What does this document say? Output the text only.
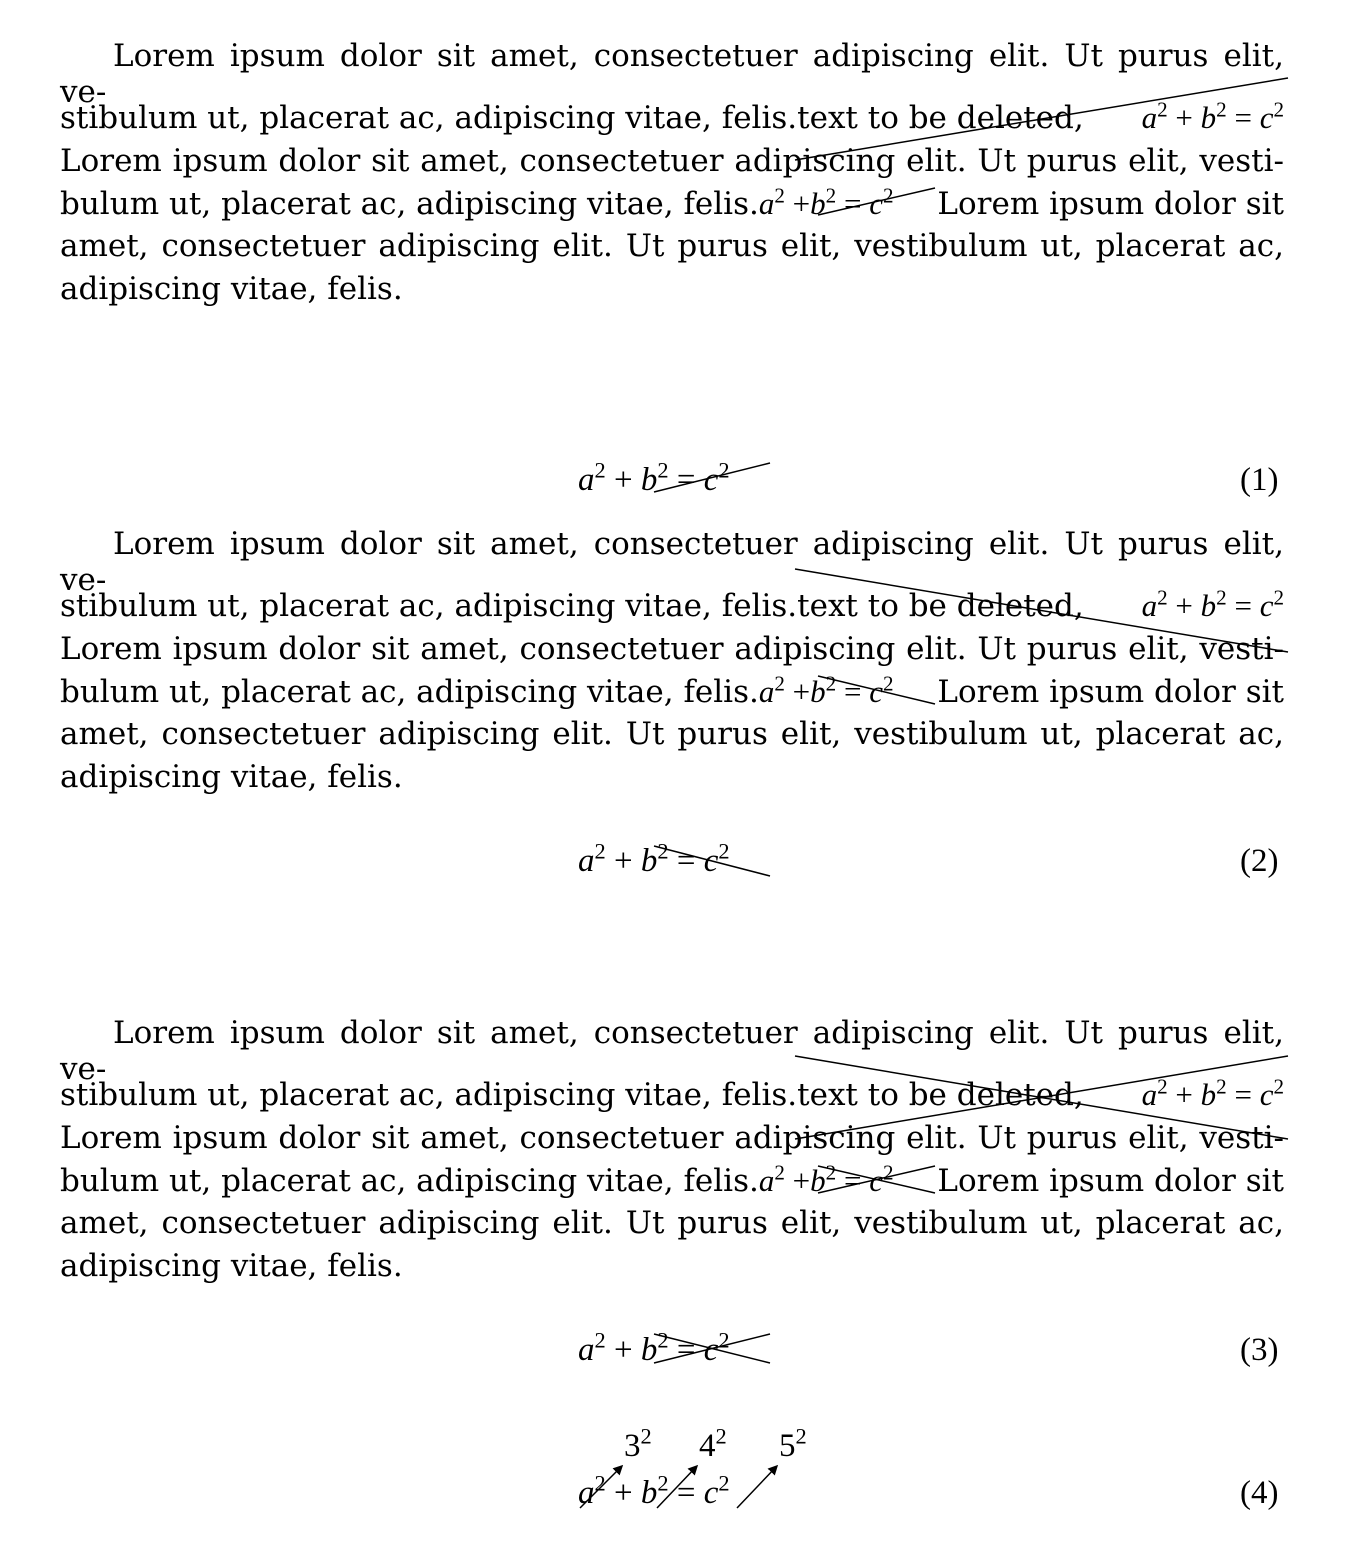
Lorem ipsum dolor sit amet, consectetuer adipiscing elit. Ut purus elit, ve-
stibulum ut, placerat ac, adipiscing vitae, felis.text to be deleted, $a^2 + b^2 = c^2$
Lorem ipsum dolor sit amet, consectetuer adipiscing elit. Ut purus elit, vesti-
bulum ut, placerat ac, adipiscing vitae, $felis.a^2 +b^2 = c^2$ Lorem ipsum dolor sit
amet, consectetuer adipiscing elit. Ut purus elit, vestibulum ut, placerat ac,
adipiscing vitae, felis.
$a^2 + b^2 = c^2$	(1)
Lorem ipsum dolor sit amet, consectetuer adipiscing elit. Ut purus elit, ve-
stibulum ut, placerat ac, adipiscing vitae, felis.text to be deleted, $a^2 + b^2 = c^2$
Lorem ipsum dolor sit amet, consectetuer adipiscing elit. Ut purus elit, vesti-
bulum ut, placerat ac, adipiscing vitae, $felis.a^2 +b^2 = c^2$ Lorem ipsum dolor sit
amet, consectetuer adipiscing elit. Ut purus elit, vestibulum ut, placerat ac,
adipiscing vitae, felis.
$a^2 + b^2 = c^2$	(2)
Lorem ipsum dolor sit amet, consectetuer adipiscing elit. Ut purus elit, ve-
stibulum ut, placerat ac, adipiscing vitae, felis.text to be deleted, $a^2 + b^2 = c^2$
Lorem ipsum dolor sit amet, consectetuer adipiscing elit. Ut purus elit, vesti-
bulum ut, placerat ac, adipiscing vitae, $felis.a^2 +b^2 = c^2$ Lorem ipsum dolor sit
amet, consectetuer adipiscing elit. Ut purus elit, vestibulum ut, placerat ac,
adipiscing vitae, felis.
$a^2 + b^2 = c^2$	(3)
$a^2 + b^2 = c^2$	(4)
$3^2$ $4^2$ $5^2$
